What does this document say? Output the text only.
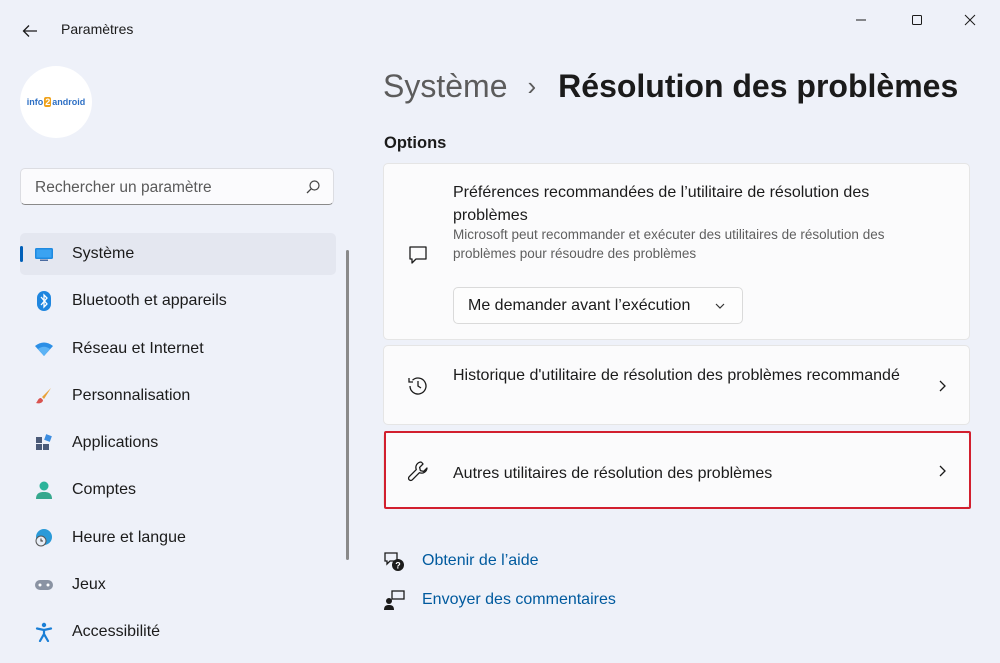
Paramètres
info 2 android
Rechercher un paramètre
Système
Bluetooth et appareils
Réseau et Internet
Personnalisation
Applications
Comptes
Heure et langue
Jeux
Accessibilité
Système › Résolution des problèmes
Options
Préférences recommandées de l’utilitaire de résolution des problèmes
Microsoft peut recommander et exécuter des utilitaires de résolution des problèmes pour résoudre des problèmes
Me demander avant l’exécution
Historique d'utilitaire de résolution des problèmes recommandé
Autres utilitaires de résolution des problèmes
? Obtenir de l’aide
Envoyer des commentaires
